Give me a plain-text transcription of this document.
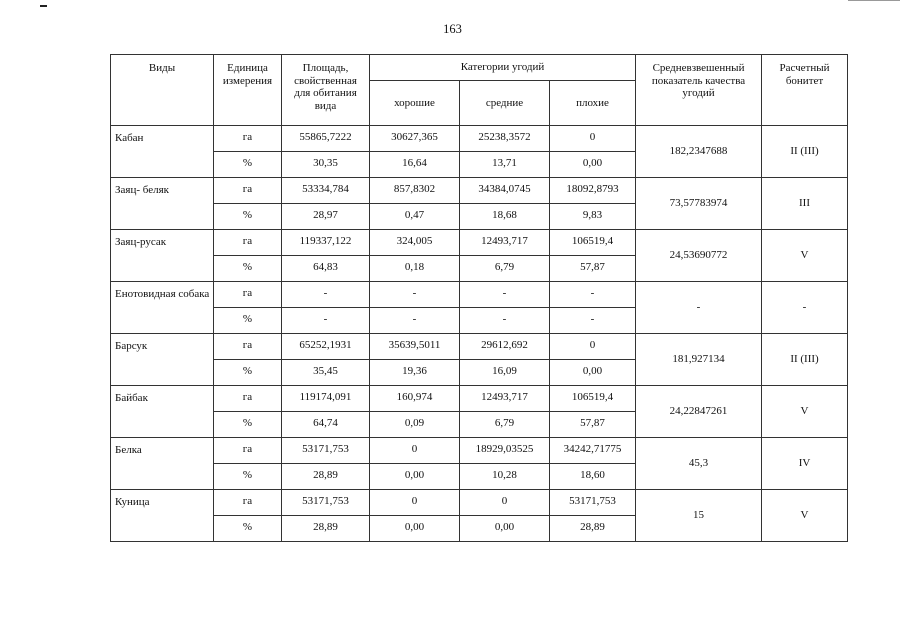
163
Виды	Единица измерения	Площадь, свойственная для обитания вида	Категории угодий			Средневзвешенный показатель качества угодий	Расчетный бонитет
			хорошие	средние	плохие		
Кабан	га	55865,7222	30627,365	25238,3572	0	182,2347688	II (III)
	%	30,35	16,64	13,71	0,00		
Заяц- беляк	га	53334,784	857,8302	34384,0745	18092,8793	73,57783974	III
	%	28,97	0,47	18,68	9,83		
Заяц-русак	га	119337,122	324,005	12493,717	106519,4	24,53690772	V
	%	64,83	0,18	6,79	57,87		
Енотовидная собака	га	-	-	-	-	-	-
	%	-	-	-	-		
Барсук	га	65252,1931	35639,5011	29612,692	0	181,927134	II (III)
	%	35,45	19,36	16,09	0,00		
Байбак	га	119174,091	160,974	12493,717	106519,4	24,22847261	V
	%	64,74	0,09	6,79	57,87		
Белка	га	53171,753	0	18929,03525	34242,71775	45,3	IV
	%	28,89	0,00	10,28	18,60		
Куница	га	53171,753	0	0	53171,753	15	V
	%	28,89	0,00	0,00	28,89		
